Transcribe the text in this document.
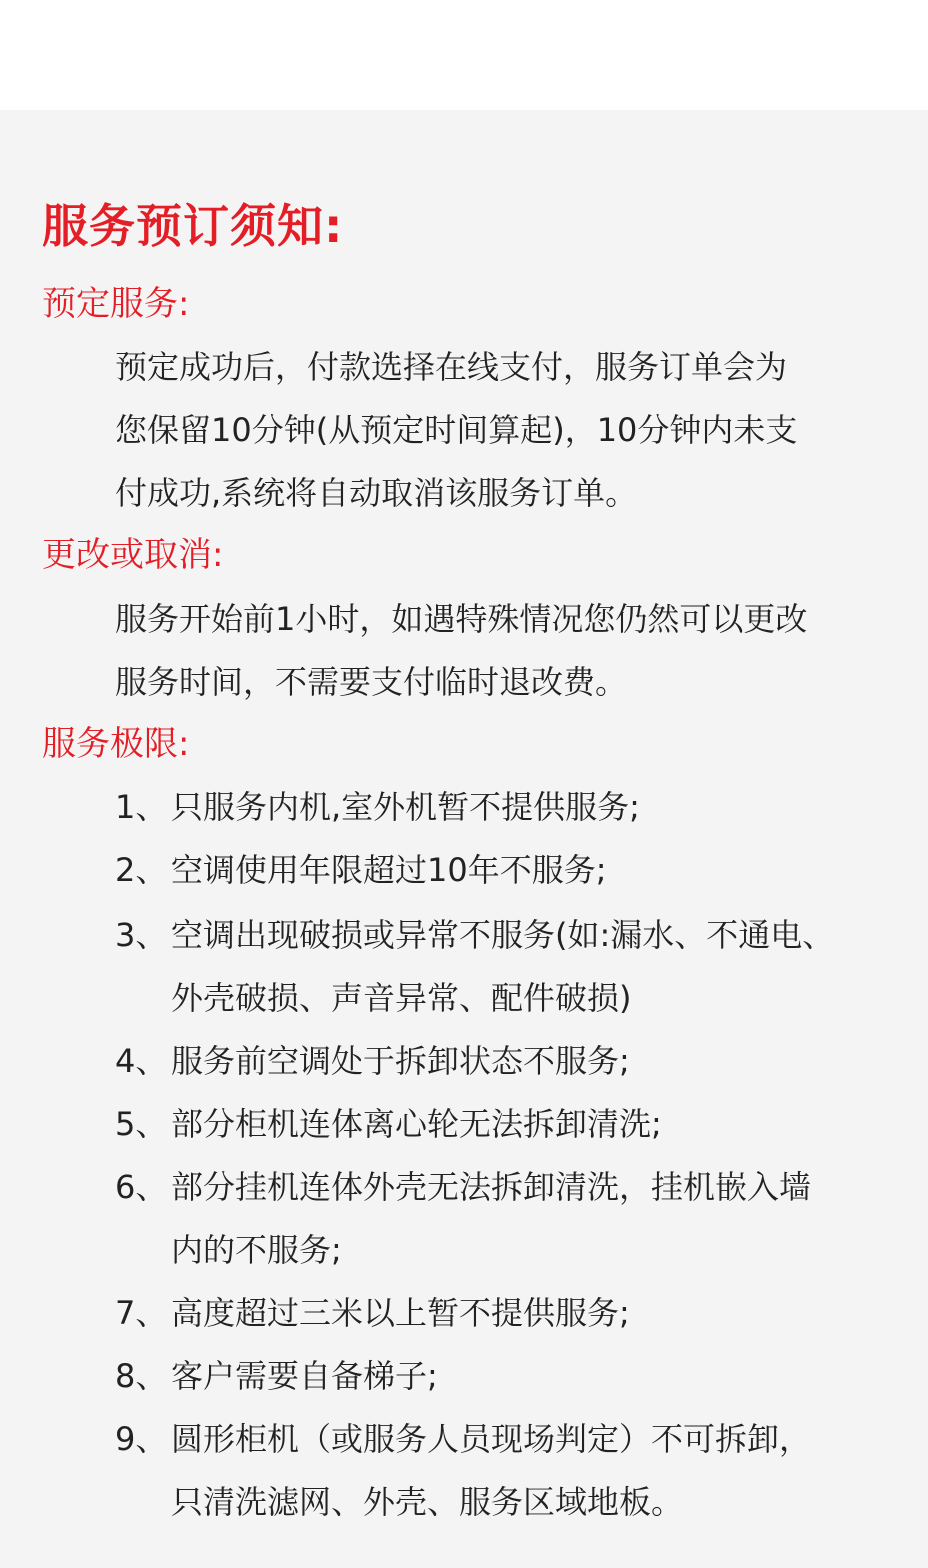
服务预订须知:
预定服务:
预定成功后，付款选择在线支付，服务订单会为
您保留10分钟(从预定时间算起)，10分钟内未支
付成功,系统将自动取消该服务订单。
更改或取消:
服务开始前1小时，如遇特殊情况您仍然可以更改
服务时间，不需要支付临时退改费。
服务极限:
1、 只服务内机,室外机暂不提供服务;
2、 空调使用年限超过10年不服务;
3、 空调出现破损或异常不服务(如:漏水、不通电、
外壳破损、声音异常、配件破损)
4、 服务前空调处于拆卸状态不服务;
5、 部分柜机连体离心轮无法拆卸清洗;
6、 部分挂机连体外壳无法拆卸清洗，挂机嵌入墙
内的不服务;
7、 高度超过三米以上暂不提供服务;
8、 客户需要自备梯子;
9、 圆形柜机（或服务人员现场判定）不可拆卸，
只清洗滤网、外壳、服务区域地板。
